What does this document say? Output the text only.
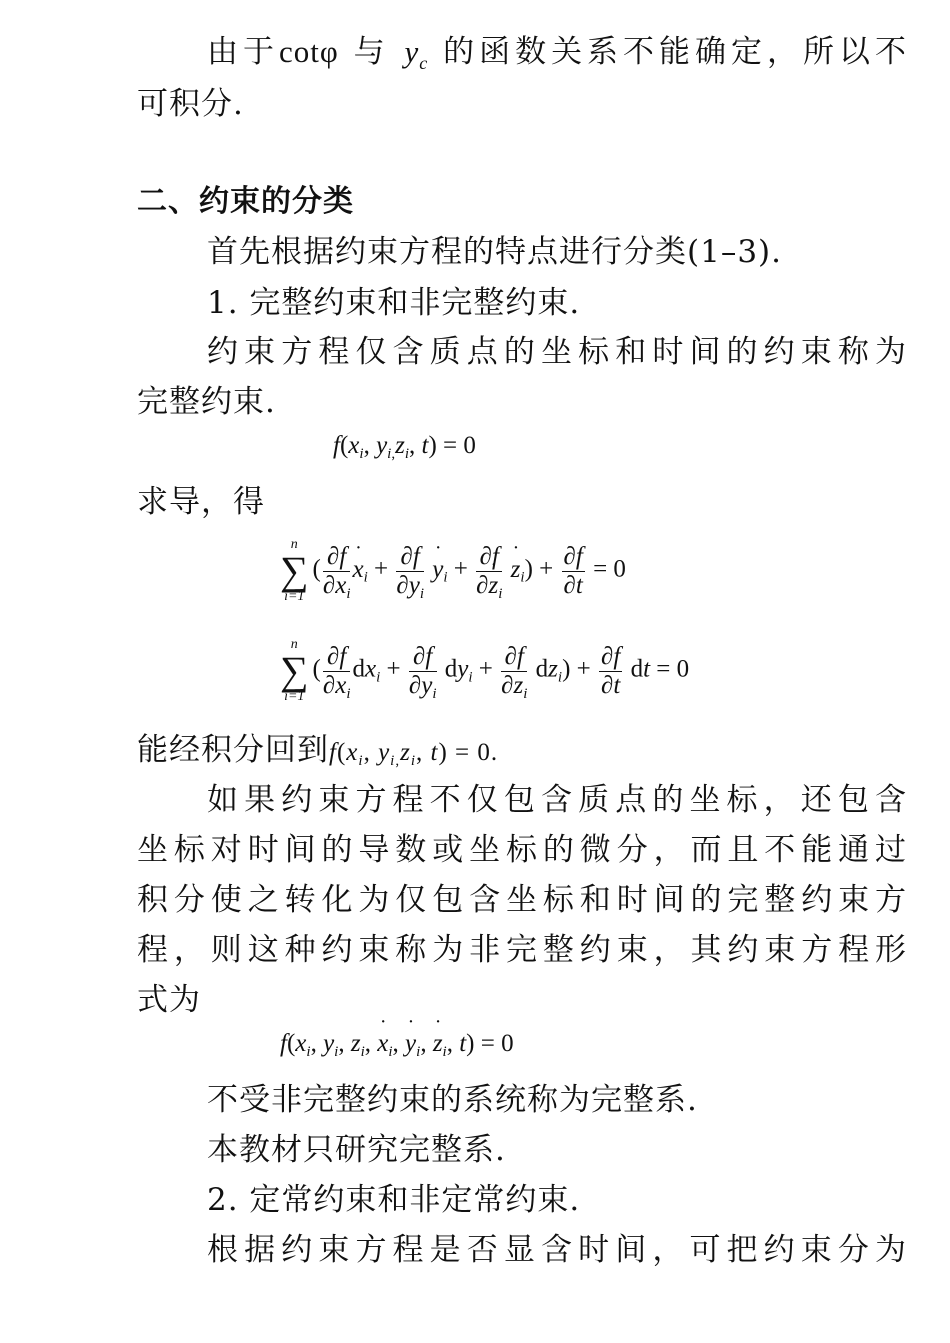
由于cotφ 与 $y_c$ 的函数关系不能确定，所以不
可积分.
二、约束的分类
首先根据约束方程的特点进行分类(1–3).
1. 完整约束和非完整约束.
约束方程仅含质点的坐标和时间的约束称为
完整约束.
$f(x_i$, $y_{i,}z_i$, t) = 0
求导，得
n
∑
i=1
( $\frac{\partial f}{\partial x_i}$ ˙ $x_i + \frac{\partial f}{\partial y_i}$ ˙ $y_i + \frac{\partial f}{\partial˙ z_i}$ ˙ $z_i) + \frac{\partial f}{\partial t} = 0$
n
∑
i=1
( $\frac{\partial f}{\partial x_i} dx_i + \frac{\partial f}{\partial y_i} dy_i + \frac{\partial f}{\partial z_i} dz_i) + \frac{\partial f}{\partial t}$ dt = 0
能经积分回到$f(x_i$, $y_{i,}z_i$, t) = 0.
如果约束方程不仅包含质点的坐标，还包含
坐标对时间的导数或坐标的微分，而且不能通过
积分使之转化为仅包含坐标和时间的完整约束方
程，则这种约束称为非完整约束，其约束方程形
式为
$f(x_i$, $y_i$, $z_i$, ˙ $x_i$, ˙ $y_i$, ˙ $z_i$, t) = 0
不受非完整约束的系统称为完整系.
本教材只研究完整系.
2. 定常约束和非定常约束.
根据约束方程是否显含时间，可把约束分为
